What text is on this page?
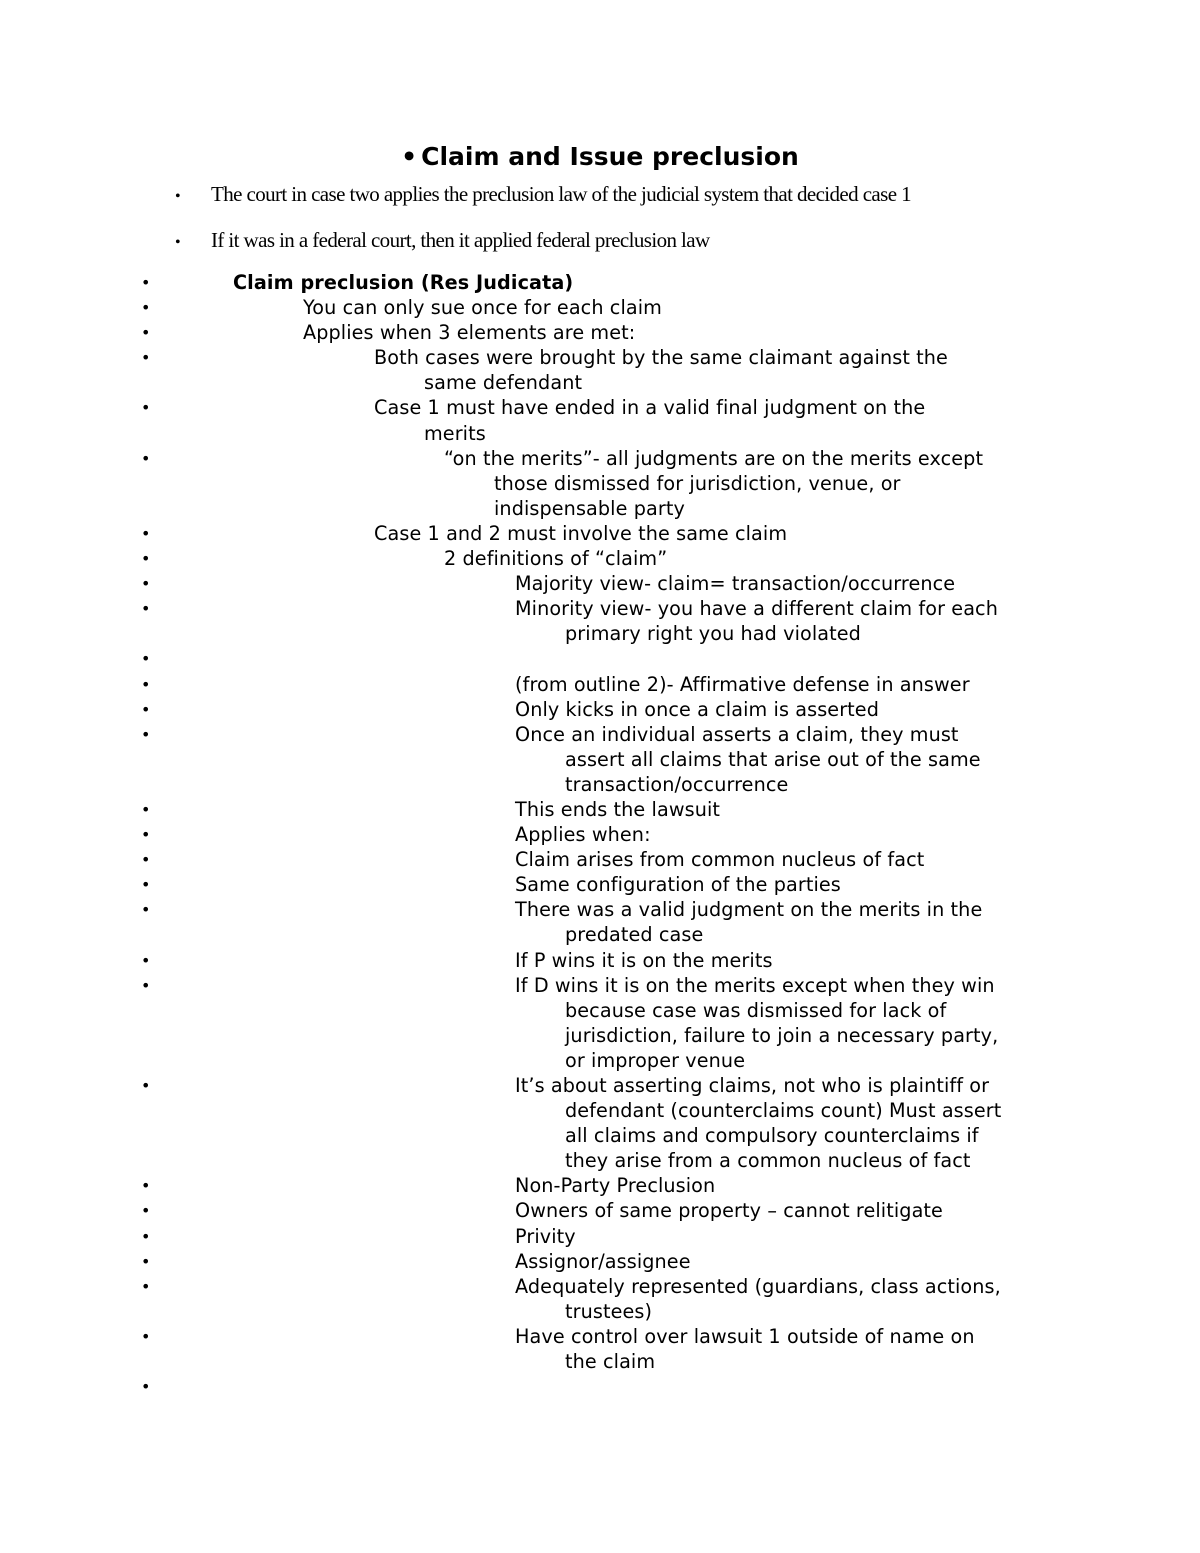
• Claim and Issue preclusion
• The court in case two applies the preclusion law of the judicial system that decided case 1
• If it was in a federal court, then it applied federal preclusion law
•	Claim preclusion (Res Judicata)
•	You can only sue once for each claim
•	Applies when 3 elements are met:
•	Both cases were brought by the same claimant against the
same defendant
•	Case 1 must have ended in a valid final judgment on the
merits
•	“on the merits”- all judgments are on the merits except
those dismissed for jurisdiction, venue, or
indispensable party
•	Case 1 and 2 must involve the same claim
•	2 definitions of “claim”
•	Majority view- claim= transaction/occurrence
•	Minority view- you have a different claim for each
primary right you had violated
•
•	(from outline 2)- Affirmative defense in answer
•	Only kicks in once a claim is asserted
•	Once an individual asserts a claim, they must
assert all claims that arise out of the same
transaction/occurrence
•	This ends the lawsuit
•	Applies when:
•	Claim arises from common nucleus of fact
•	Same configuration of the parties
•	There was a valid judgment on the merits in the
predated case
•	If P wins it is on the merits
•	If D wins it is on the merits except when they win
because case was dismissed for lack of
jurisdiction, failure to join a necessary party,
or improper venue
•	It’s about asserting claims, not who is plaintiff or
defendant (counterclaims count) Must assert
all claims and compulsory counterclaims if
they arise from a common nucleus of fact
•	Non-Party Preclusion
•	Owners of same property – cannot relitigate
•	Privity
•	Assignor/assignee
•	Adequately represented (guardians, class actions,
trustees)
•	Have control over lawsuit 1 outside of name on
the claim
•
